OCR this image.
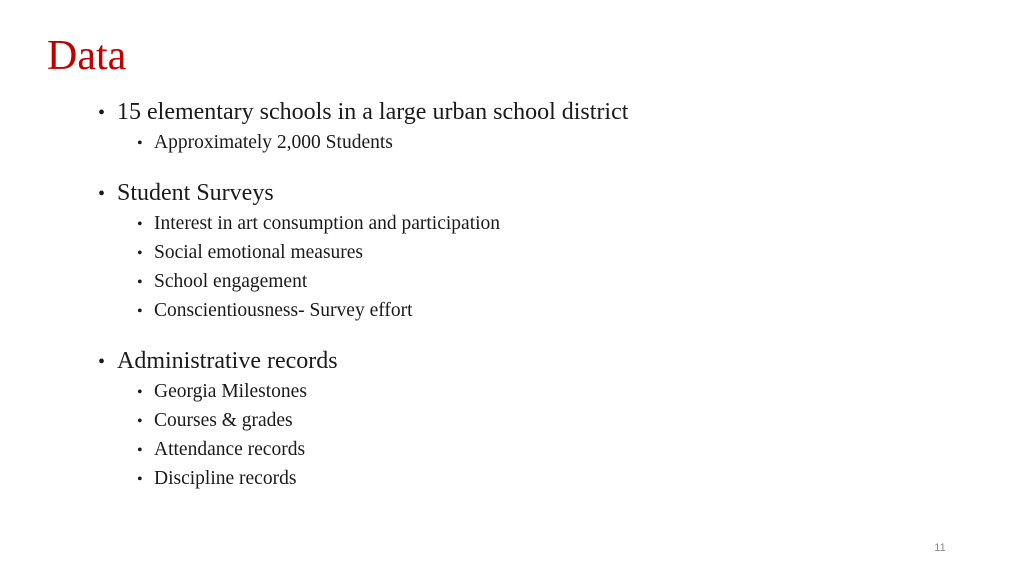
Data
• 15 elementary schools in a large urban school district
• Approximately 2,000 Students
• Student Surveys
• Interest in art consumption and participation
• Social emotional measures
• School engagement
• Conscientiousness- Survey effort
• Administrative records
• Georgia Milestones
• Courses & grades
• Attendance records
• Discipline records
11
